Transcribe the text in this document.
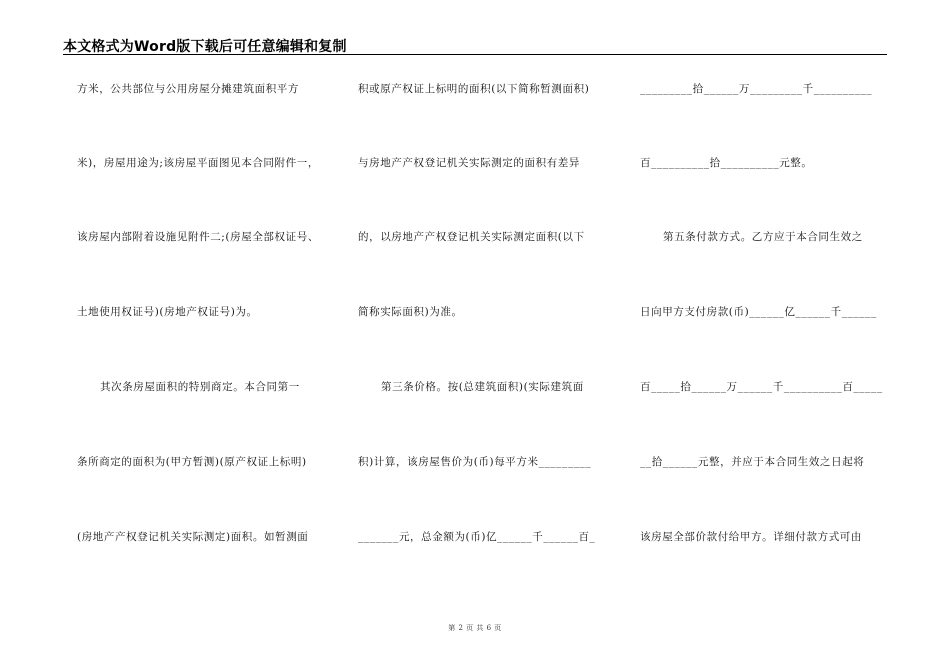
本文格式为Word版下载后可任意编辑和复制
方米，公共部位与公用房屋分摊建筑面积平方
米)，房屋用途为;该房屋平面图见本合同附件一，
该房屋内部附着设施见附件二;(房屋全部权证号、
土地使用权证号)(房地产权证号)为。
其次条房屋面积的特别商定。本合同第一
条所商定的面积为(甲方暂测)(原产权证上标明)
(房地产产权登记机关实际测定)面积。如暂测面
积或原产权证上标明的面积(以下简称暂测面积)
与房地产产权登记机关实际测定的面积有差异
的，以房地产产权登记机关实际测定面积(以下
简称实际面积)为准。
第三条价格。按(总建筑面积)(实际建筑面
积)计算，该房屋售价为(币)每平方米_________
_______元，总金额为(币)亿______千______百_
_________拾______万_________千__________
百__________拾__________元整。
第五条付款方式。乙方应于本合同生效之
日向甲方支付房款(币)______亿______千______
百_____拾______万______千__________百_____
__拾______元整，并应于本合同生效之日起将
该房屋全部价款付给甲方。详细付款方式可由
第 2 页 共 6 页
